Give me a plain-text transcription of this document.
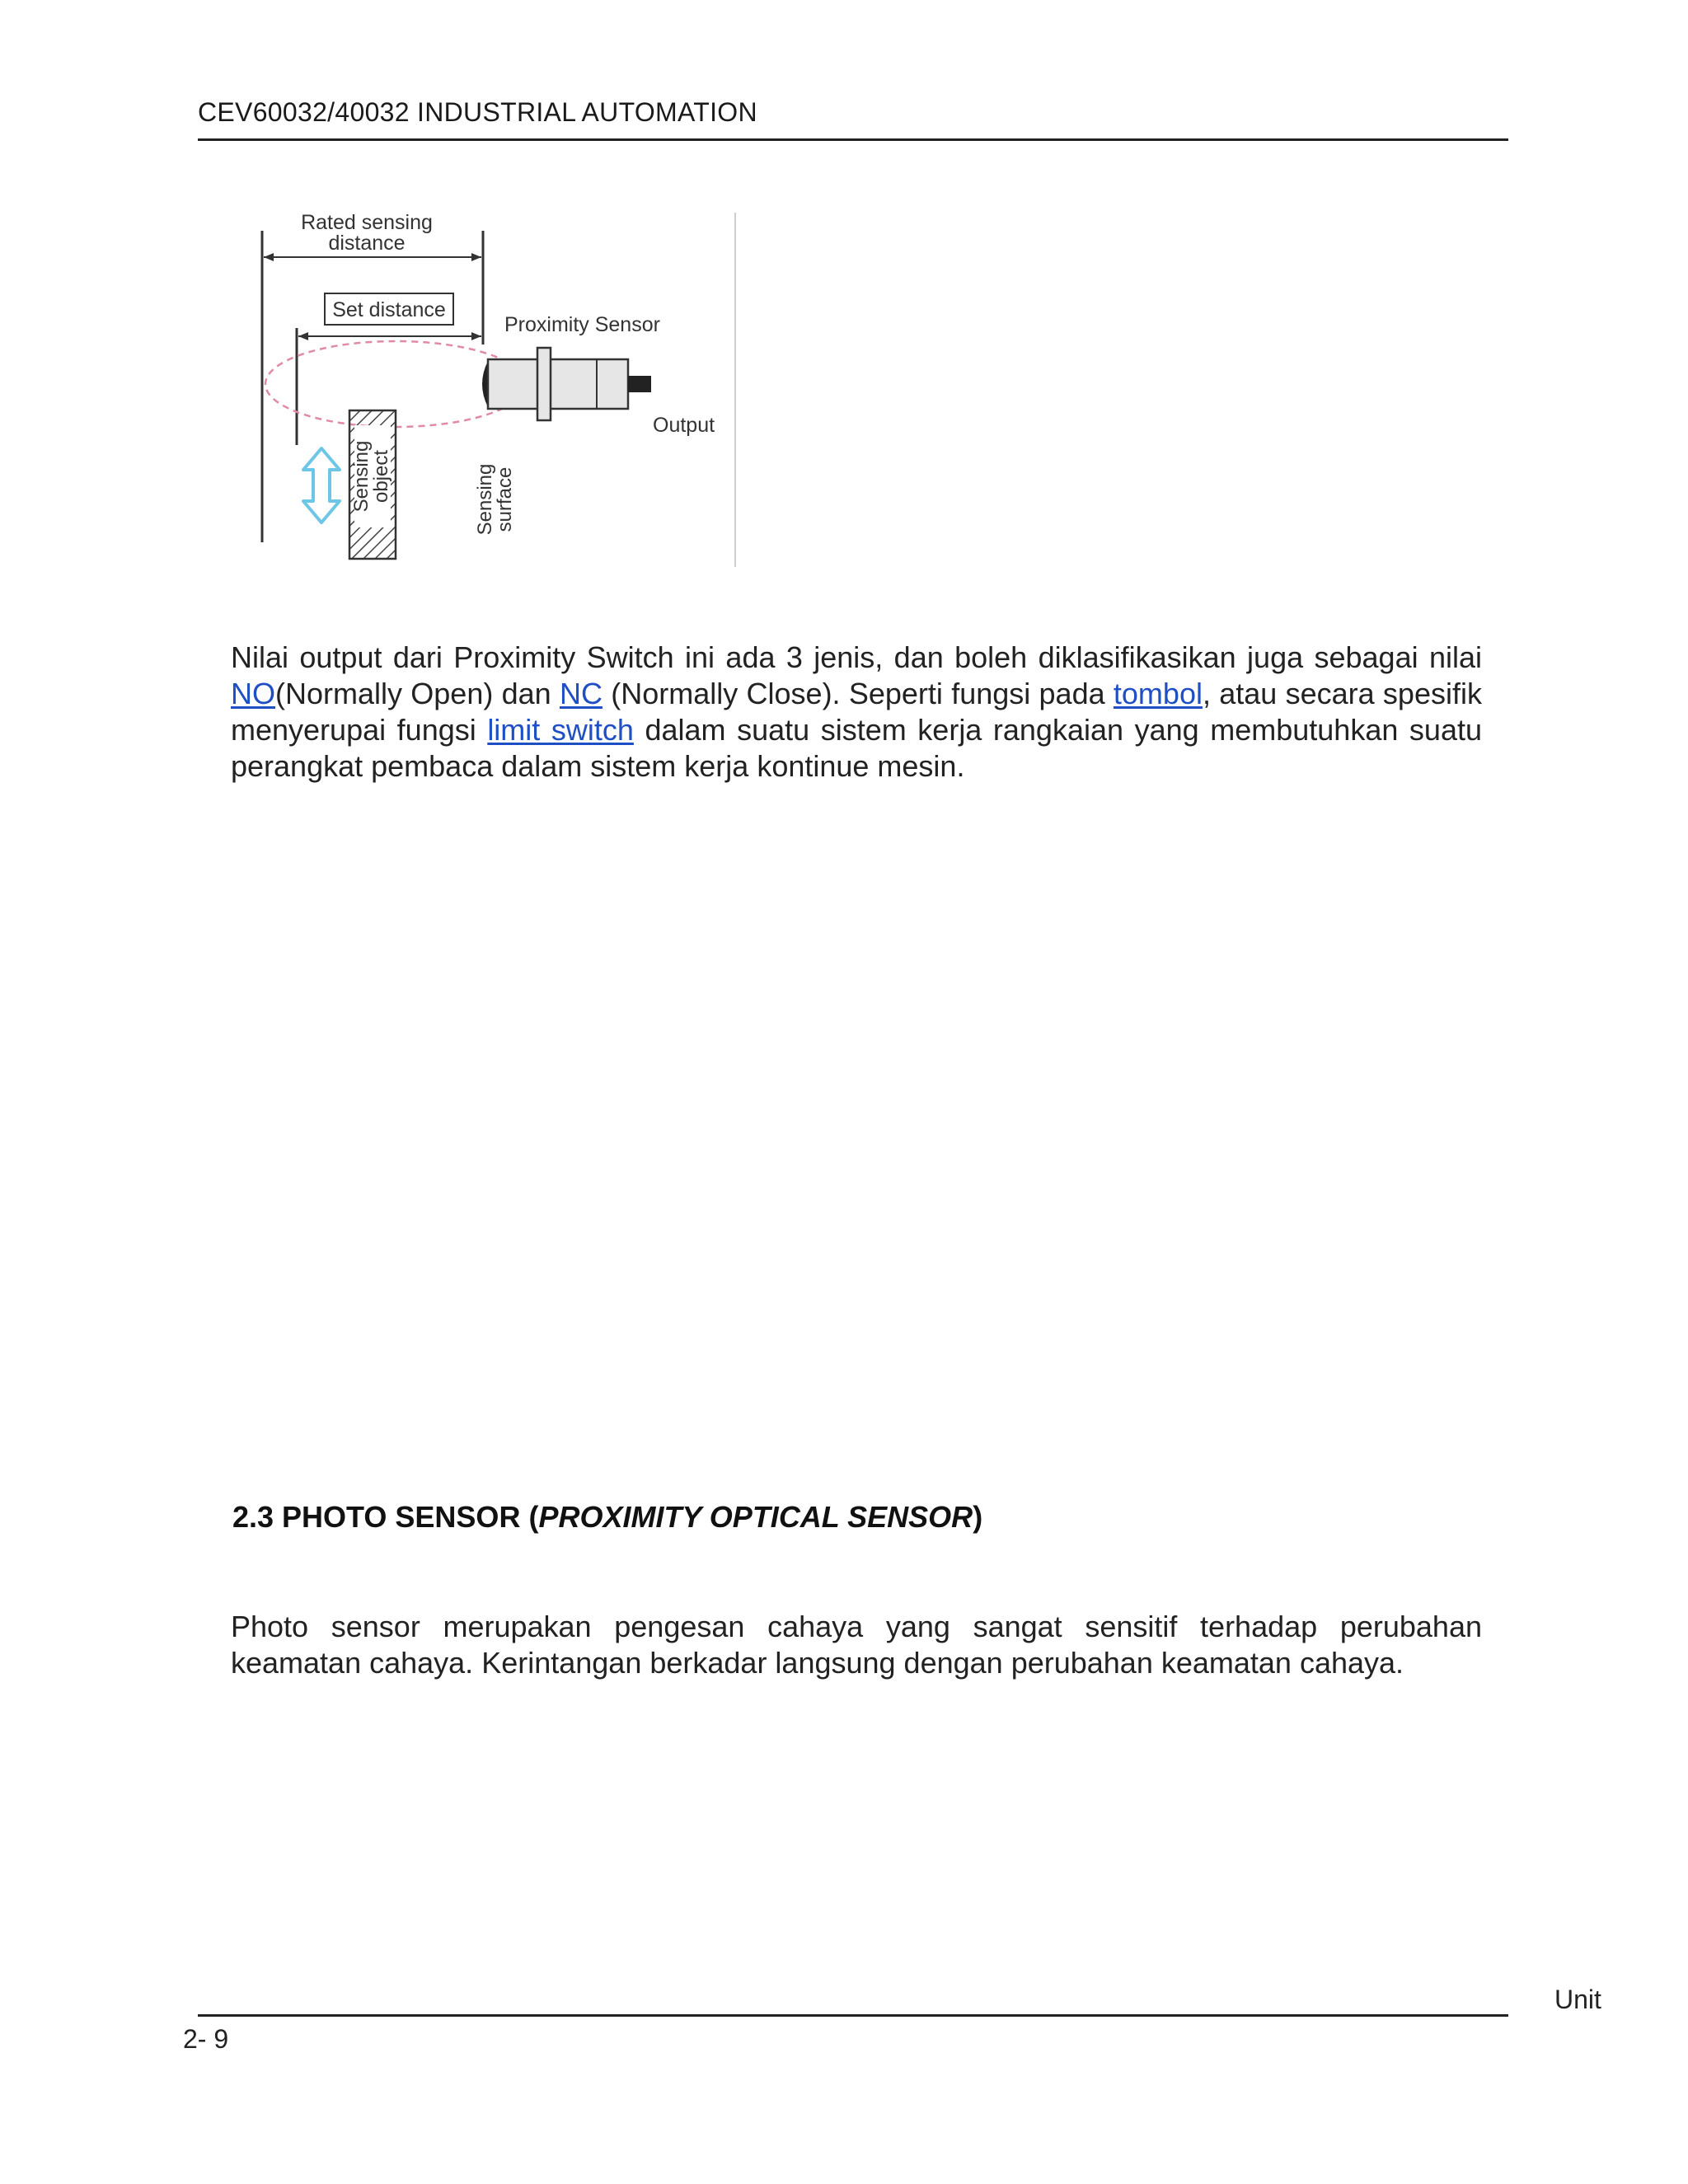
CEV60032/40032 INDUSTRIAL AUTOMATION
Rated sensing
distance
Set distance
Proximity Sensor
Output
Sensing
surface
Sensing
object

Nilai output dari Proximity Switch ini ada 3 jenis, dan boleh diklasifikasikan juga sebagai nilai NO(Normally Open) dan NC (Normally Close). Seperti fungsi pada tombol, atau secara spesifik menyerupai fungsi limit switch dalam suatu sistem kerja rangkaian yang membutuhkan suatu perangkat pembaca dalam sistem kerja kontinue mesin.

2.3 PHOTO SENSOR (PROXIMITY OPTICAL SENSOR)

Photo sensor merupakan pengesan cahaya yang sangat sensitif terhadap perubahan keamatan cahaya. Kerintangan berkadar langsung dengan perubahan keamatan cahaya.

Unit
2- 9
